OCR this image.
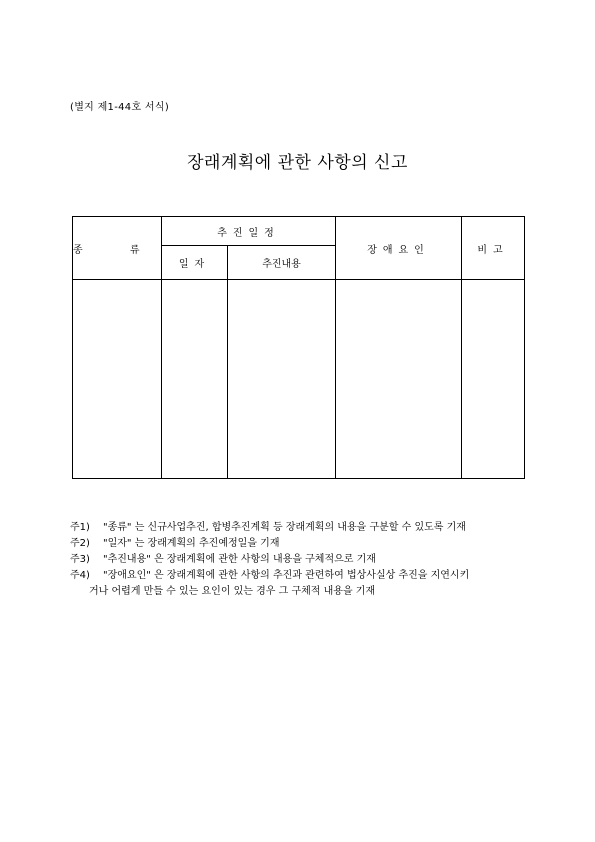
(별지 제1-44호 서식)
장래계획에 관한 사항의 신고
종 류	추진일정		장애요인	비고
	일자	추진내용		

주1)	"종류" 는 신규사업추진, 합병추진계획 등 장래계획의 내용을 구분할 수 있도록 기재
주2)	"일자" 는 장래계획의 추진예정일을 기재
주3)	"추진내용" 은 장래계획에 관한 사항의 내용을 구체적으로 기재
주4)	"장애요인" 은 장래계획에 관한 사항의 추진과 관련하여 법상사실상 추진을 지연시키
거나 어렵게 만들 수 있는 요인이 있는 경우 그 구체적 내용을 기재
